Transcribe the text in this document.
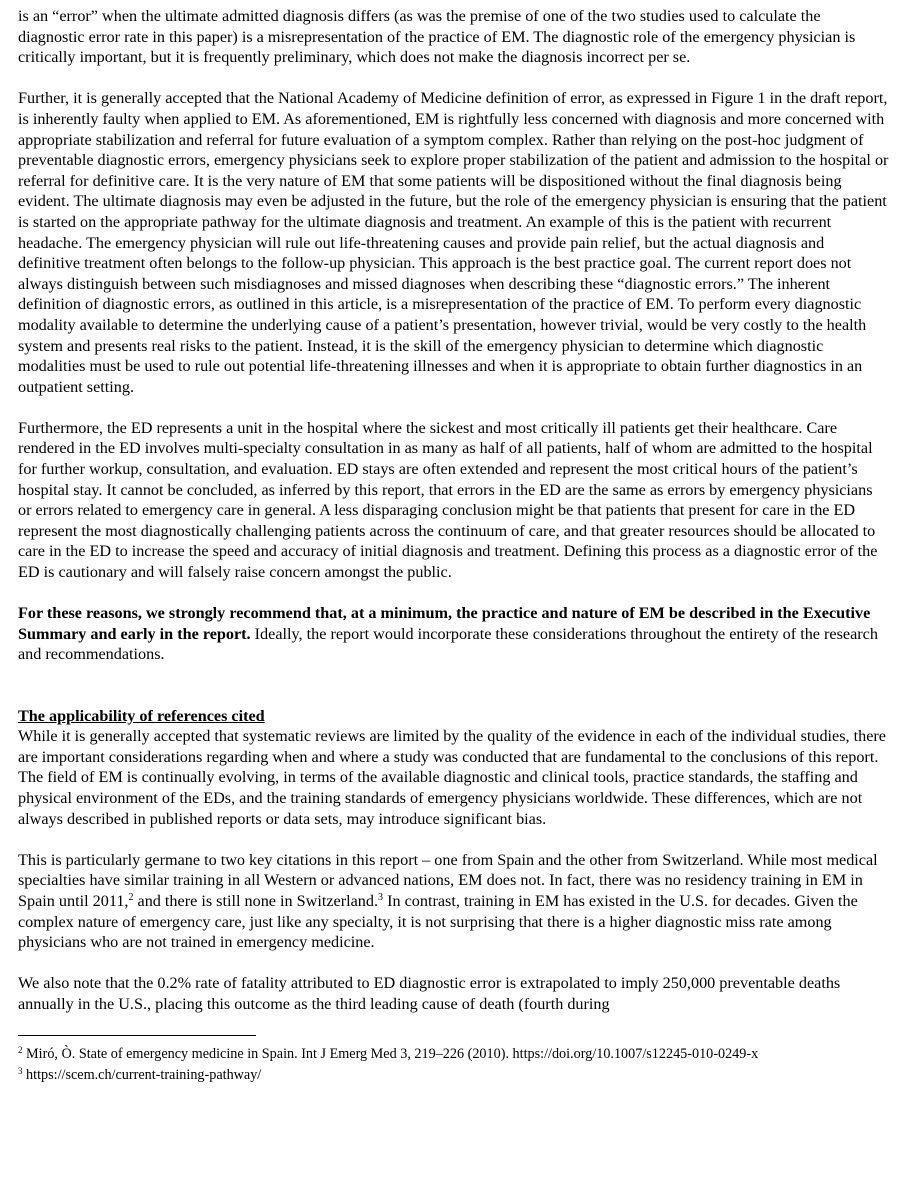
is an “error” when the ultimate admitted diagnosis differs (as was the premise of one of the two studies used to calculate the diagnostic error rate in this paper) is a misrepresentation of the practice of EM. The diagnostic role of the emergency physician is critically important, but it is frequently preliminary, which does not make the diagnosis incorrect per se.

Further, it is generally accepted that the National Academy of Medicine definition of error, as expressed in Figure 1 in the draft report, is inherently faulty when applied to EM. As aforementioned, EM is rightfully less concerned with diagnosis and more concerned with appropriate stabilization and referral for future evaluation of a symptom complex. Rather than relying on the post-hoc judgment of preventable diagnostic errors, emergency physicians seek to explore proper stabilization of the patient and admission to the hospital or referral for definitive care. It is the very nature of EM that some patients will be dispositioned without the final diagnosis being evident. The ultimate diagnosis may even be adjusted in the future, but the role of the emergency physician is ensuring that the patient is started on the appropriate pathway for the ultimate diagnosis and treatment. An example of this is the patient with recurrent headache. The emergency physician will rule out life-threatening causes and provide pain relief, but the actual diagnosis and definitive treatment often belongs to the follow-up physician. This approach is the best practice goal. The current report does not always distinguish between such misdiagnoses and missed diagnoses when describing these “diagnostic errors.” The inherent definition of diagnostic errors, as outlined in this article, is a misrepresentation of the practice of EM. To perform every diagnostic modality available to determine the underlying cause of a patient’s presentation, however trivial, would be very costly to the health system and presents real risks to the patient. Instead, it is the skill of the emergency physician to determine which diagnostic modalities must be used to rule out potential life-threatening illnesses and when it is appropriate to obtain further diagnostics in an outpatient setting.

Furthermore, the ED represents a unit in the hospital where the sickest and most critically ill patients get their healthcare. Care rendered in the ED involves multi-specialty consultation in as many as half of all patients, half of whom are admitted to the hospital for further workup, consultation, and evaluation. ED stays are often extended and represent the most critical hours of the patient’s hospital stay. It cannot be concluded, as inferred by this report, that errors in the ED are the same as errors by emergency physicians or errors related to emergency care in general. A less disparaging conclusion might be that patients that present for care in the ED represent the most diagnostically challenging patients across the continuum of care, and that greater resources should be allocated to care in the ED to increase the speed and accuracy of initial diagnosis and treatment. Defining this process as a diagnostic error of the ED is cautionary and will falsely raise concern amongst the public.

For these reasons, we strongly recommend that, at a minimum, the practice and nature of EM be described in the Executive Summary and early in the report. Ideally, the report would incorporate these considerations throughout the entirety of the research and recommendations.

The applicability of references cited

While it is generally accepted that systematic reviews are limited by the quality of the evidence in each of the individual studies, there are important considerations regarding when and where a study was conducted that are fundamental to the conclusions of this report. The field of EM is continually evolving, in terms of the available diagnostic and clinical tools, practice standards, the staffing and physical environment of the EDs, and the training standards of emergency physicians worldwide. These differences, which are not always described in published reports or data sets, may introduce significant bias.

This is particularly germane to two key citations in this report – one from Spain and the other from Switzerland. While most medical specialties have similar training in all Western or advanced nations, EM does not. In fact, there was no residency training in EM in Spain until 2011,$^2$ and there is still none in Switzerland.$^3$ In contrast, training in EM has existed in the U.S. for decades. Given the complex nature of emergency care, just like any specialty, it is not surprising that there is a higher diagnostic miss rate among physicians who are not trained in emergency medicine.

We also note that the 0.2% rate of fatality attributed to ED diagnostic error is extrapolated to imply 250,000 preventable deaths annually in the U.S., placing this outcome as the third leading cause of death (fourth during

$^2$ Miró, Ò. State of emergency medicine in Spain. Int J Emerg Med 3, 219–226 (2010). https://doi.org/10.1007/s12245-010-0249-x
$^3$ https://scem.ch/current-training-pathway/
